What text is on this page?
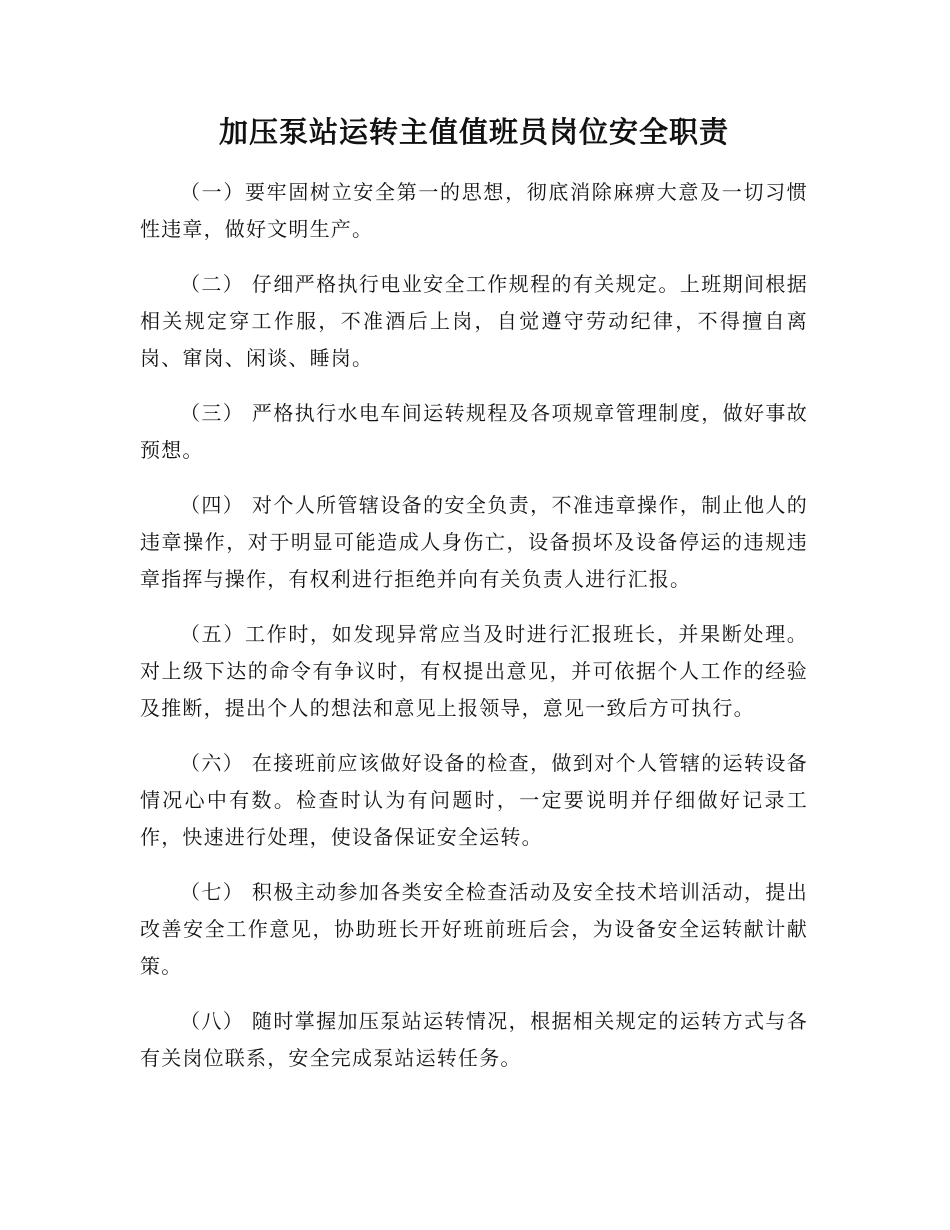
加压泵站运转主值值班员岗位安全职责

（一）要牢固树立安全第一的思想，彻底消除麻痹大意及一切习惯性违章，做好文明生产。

（二） 仔细严格执行电业安全工作规程的有关规定。上班期间根据相关规定穿工作服，不准酒后上岗，自觉遵守劳动纪律，不得擅自离岗、窜岗、闲谈、睡岗。

（三） 严格执行水电车间运转规程及各项规章管理制度，做好事故预想。

（四） 对个人所管辖设备的安全负责，不准违章操作，制止他人的违章操作，对于明显可能造成人身伤亡，设备损坏及设备停运的违规违章指挥与操作，有权利进行拒绝并向有关负责人进行汇报。

（五）工作时，如发现异常应当及时进行汇报班长，并果断处理。对上级下达的命令有争议时，有权提出意见，并可依据个人工作的经验及推断，提出个人的想法和意见上报领导，意见一致后方可执行。

（六） 在接班前应该做好设备的检查，做到对个人管辖的运转设备情况心中有数。检查时认为有问题时，一定要说明并仔细做好记录工作，快速进行处理，使设备保证安全运转。

（七） 积极主动参加各类安全检查活动及安全技术培训活动，提出改善安全工作意见，协助班长开好班前班后会，为设备安全运转献计献策。

（八） 随时掌握加压泵站运转情况，根据相关规定的运转方式与各有关岗位联系，安全完成泵站运转任务。
